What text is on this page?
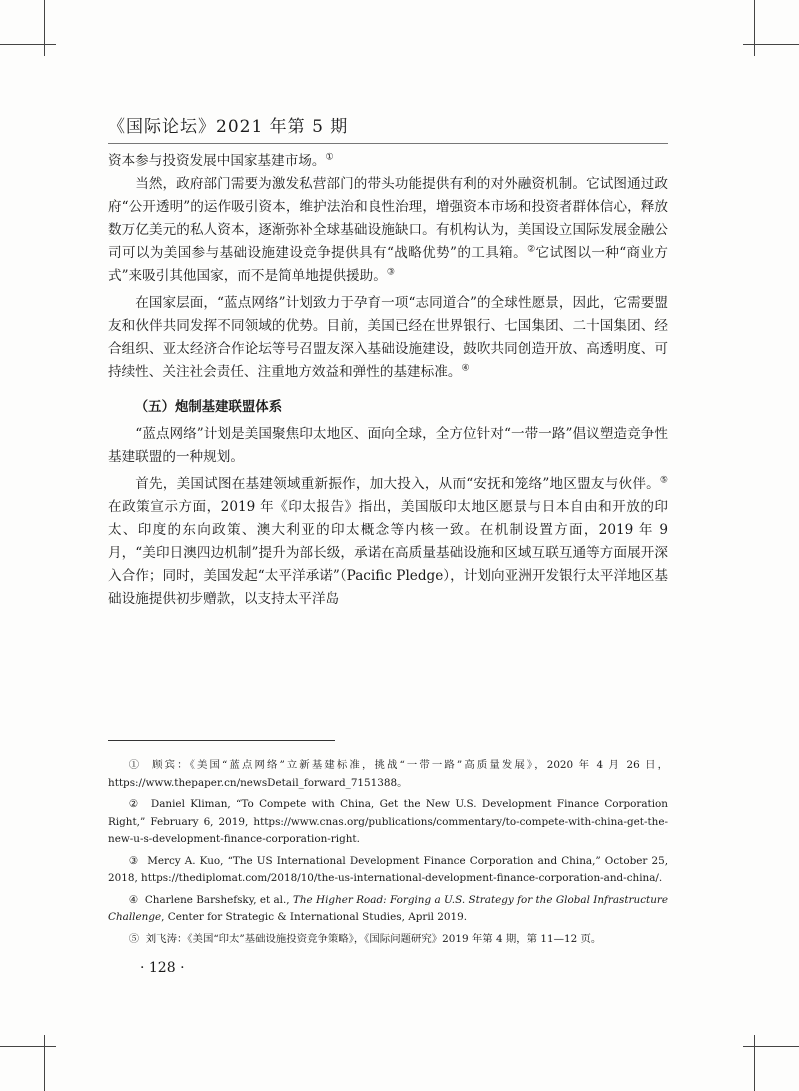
《国际论坛》2021 年第 5 期

资本参与投资发展中国家基建市场。①

当然，政府部门需要为激发私营部门的带头功能提供有利的对外融资机制。它试图通过政府“公开透明”的运作吸引资本，维护法治和良性治理，增强资本市场和投资者群体信心，释放数万亿美元的私人资本，逐渐弥补全球基础设施缺口。有机构认为，美国设立国际发展金融公司可以为美国参与基础设施建设竞争提供具有“战略优势”的工具箱。②它试图以一种“商业方式”来吸引其他国家，而不是简单地提供援助。③

在国家层面，“蓝点网络”计划致力于孕育一项“志同道合”的全球性愿景，因此，它需要盟友和伙伴共同发挥不同领域的优势。目前，美国已经在世界银行、七国集团、二十国集团、经合组织、亚太经济合作论坛等号召盟友深入基础设施建设，鼓吹共同创造开放、高透明度、可持续性、关注社会责任、注重地方效益和弹性的基建标准。④

（五）炮制基建联盟体系

“蓝点网络”计划是美国聚焦印太地区、面向全球，全方位针对“一带一路”倡议塑造竞争性基建联盟的一种规划。

首先，美国试图在基建领域重新振作，加大投入，从而“安抚和笼络”地区盟友与伙伴。⑤在政策宣示方面，2019 年《印太报告》指出，美国版印太地区愿景与日本自由和开放的印太、印度的东向政策、澳大利亚的印太概念等内核一致。在机制设置方面，2019 年 9 月，“美印日澳四边机制”提升为部长级，承诺在高质量基础设施和区域互联互通等方面展开深入合作；同时，美国发起“太平洋承诺”（Pacific Pledge），计划向亚洲开发银行太平洋地区基础设施提供初步赠款，以支持太平洋岛

① 顾宾：《美国“蓝点网络”立新基建标准，挑战“一带一路”高质量发展》，2020 年 4 月 26 日，https://www.thepaper.cn/newsDetail_forward_7151388。

② Daniel Kliman, “To Compete with China, Get the New U.S. Development Finance Corporation Right,” February 6, 2019, https://www.cnas.org/publications/commentary/to-compete-with-china-get-the-new-u-s-development-finance-corporation-right.

③ Mercy A. Kuo, “The US International Development Finance Corporation and China,” October 25, 2018, https://thediplomat.com/2018/10/the-us-international-development-finance-corporation-and-china/.

④ Charlene Barshefsky, et al., The Higher Road: Forging a U.S. Strategy for the Global Infrastructure Challenge, Center for Strategic & International Studies, April 2019.

⑤ 刘飞涛：《美国“印太”基础设施投资竞争策略》，《国际问题研究》2019 年第 4 期，第 11—12 页。

· 128 ·
